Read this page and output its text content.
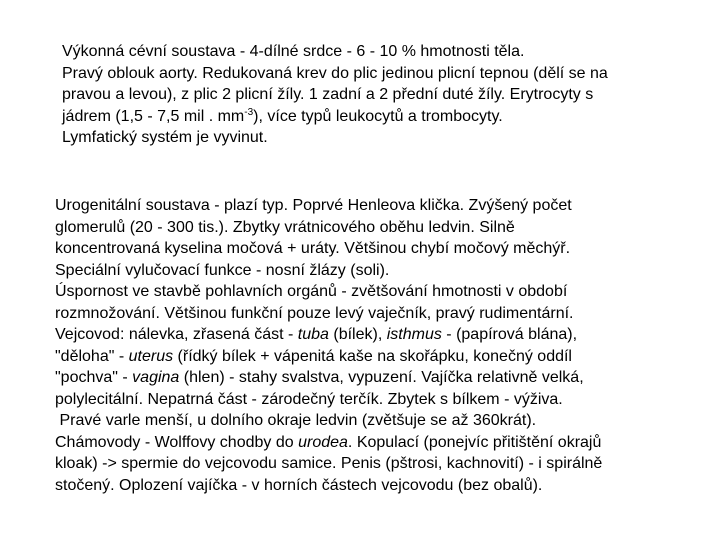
Výkonná cévní soustava - 4-dílné srdce - 6 - 10 % hmotnosti těla.
Pravý oblouk aorty. Redukovaná krev do plic jedinou plicní tepnou (dělí se na
pravou a levou), z plic 2 plicní žíly. 1 zadní a 2 přední duté žíly. Erytrocyty s
jádrem (1,5 - 7,5 mil . $mm^{-3}$), více typů leukocytů a trombocyty.
Lymfatický systém je vyvinut.
Urogenitální soustava - plazí typ. Poprvé Henleova klička. Zvýšený počet
glomerulů (20 - 300 tis.). Zbytky vrátnicového oběhu ledvin. Silně
koncentrovaná kyselina močová + uráty. Většinou chybí močový měchýř.
Speciální vylučovací funkce - nosní žlázy (soli).
Úspornost ve stavbě pohlavních orgánů - zvětšování hmotnosti v období
rozmnožování. Většinou funkční pouze levý vaječník, pravý rudimentární.
Vejcovod: nálevka, zřasená část - tuba (bílek), isthmus - (papírová blána),
"děloha" - uterus (řídký bílek + vápenitá kaše na skořápku, konečný oddíl
"pochva" - vagina (hlen) - stahy svalstva, vypuzení. Vajíčka relativně velká,
polylecitální. Nepatrná část - zárodečný terčík. Zbytek s bílkem - výživa.
Pravé varle menší, u dolního okraje ledvin (zvětšuje se až 360krát).
Chámovody - Wolffovy chodby do urodea. Kopulací (ponejvíc přitištění okrajů
kloak) -> spermie do vejcovodu samice. Penis (pštrosi, kachnovití) - i spirálně
stočený. Oplození vajíčka - v horních částech vejcovodu (bez obalů).
